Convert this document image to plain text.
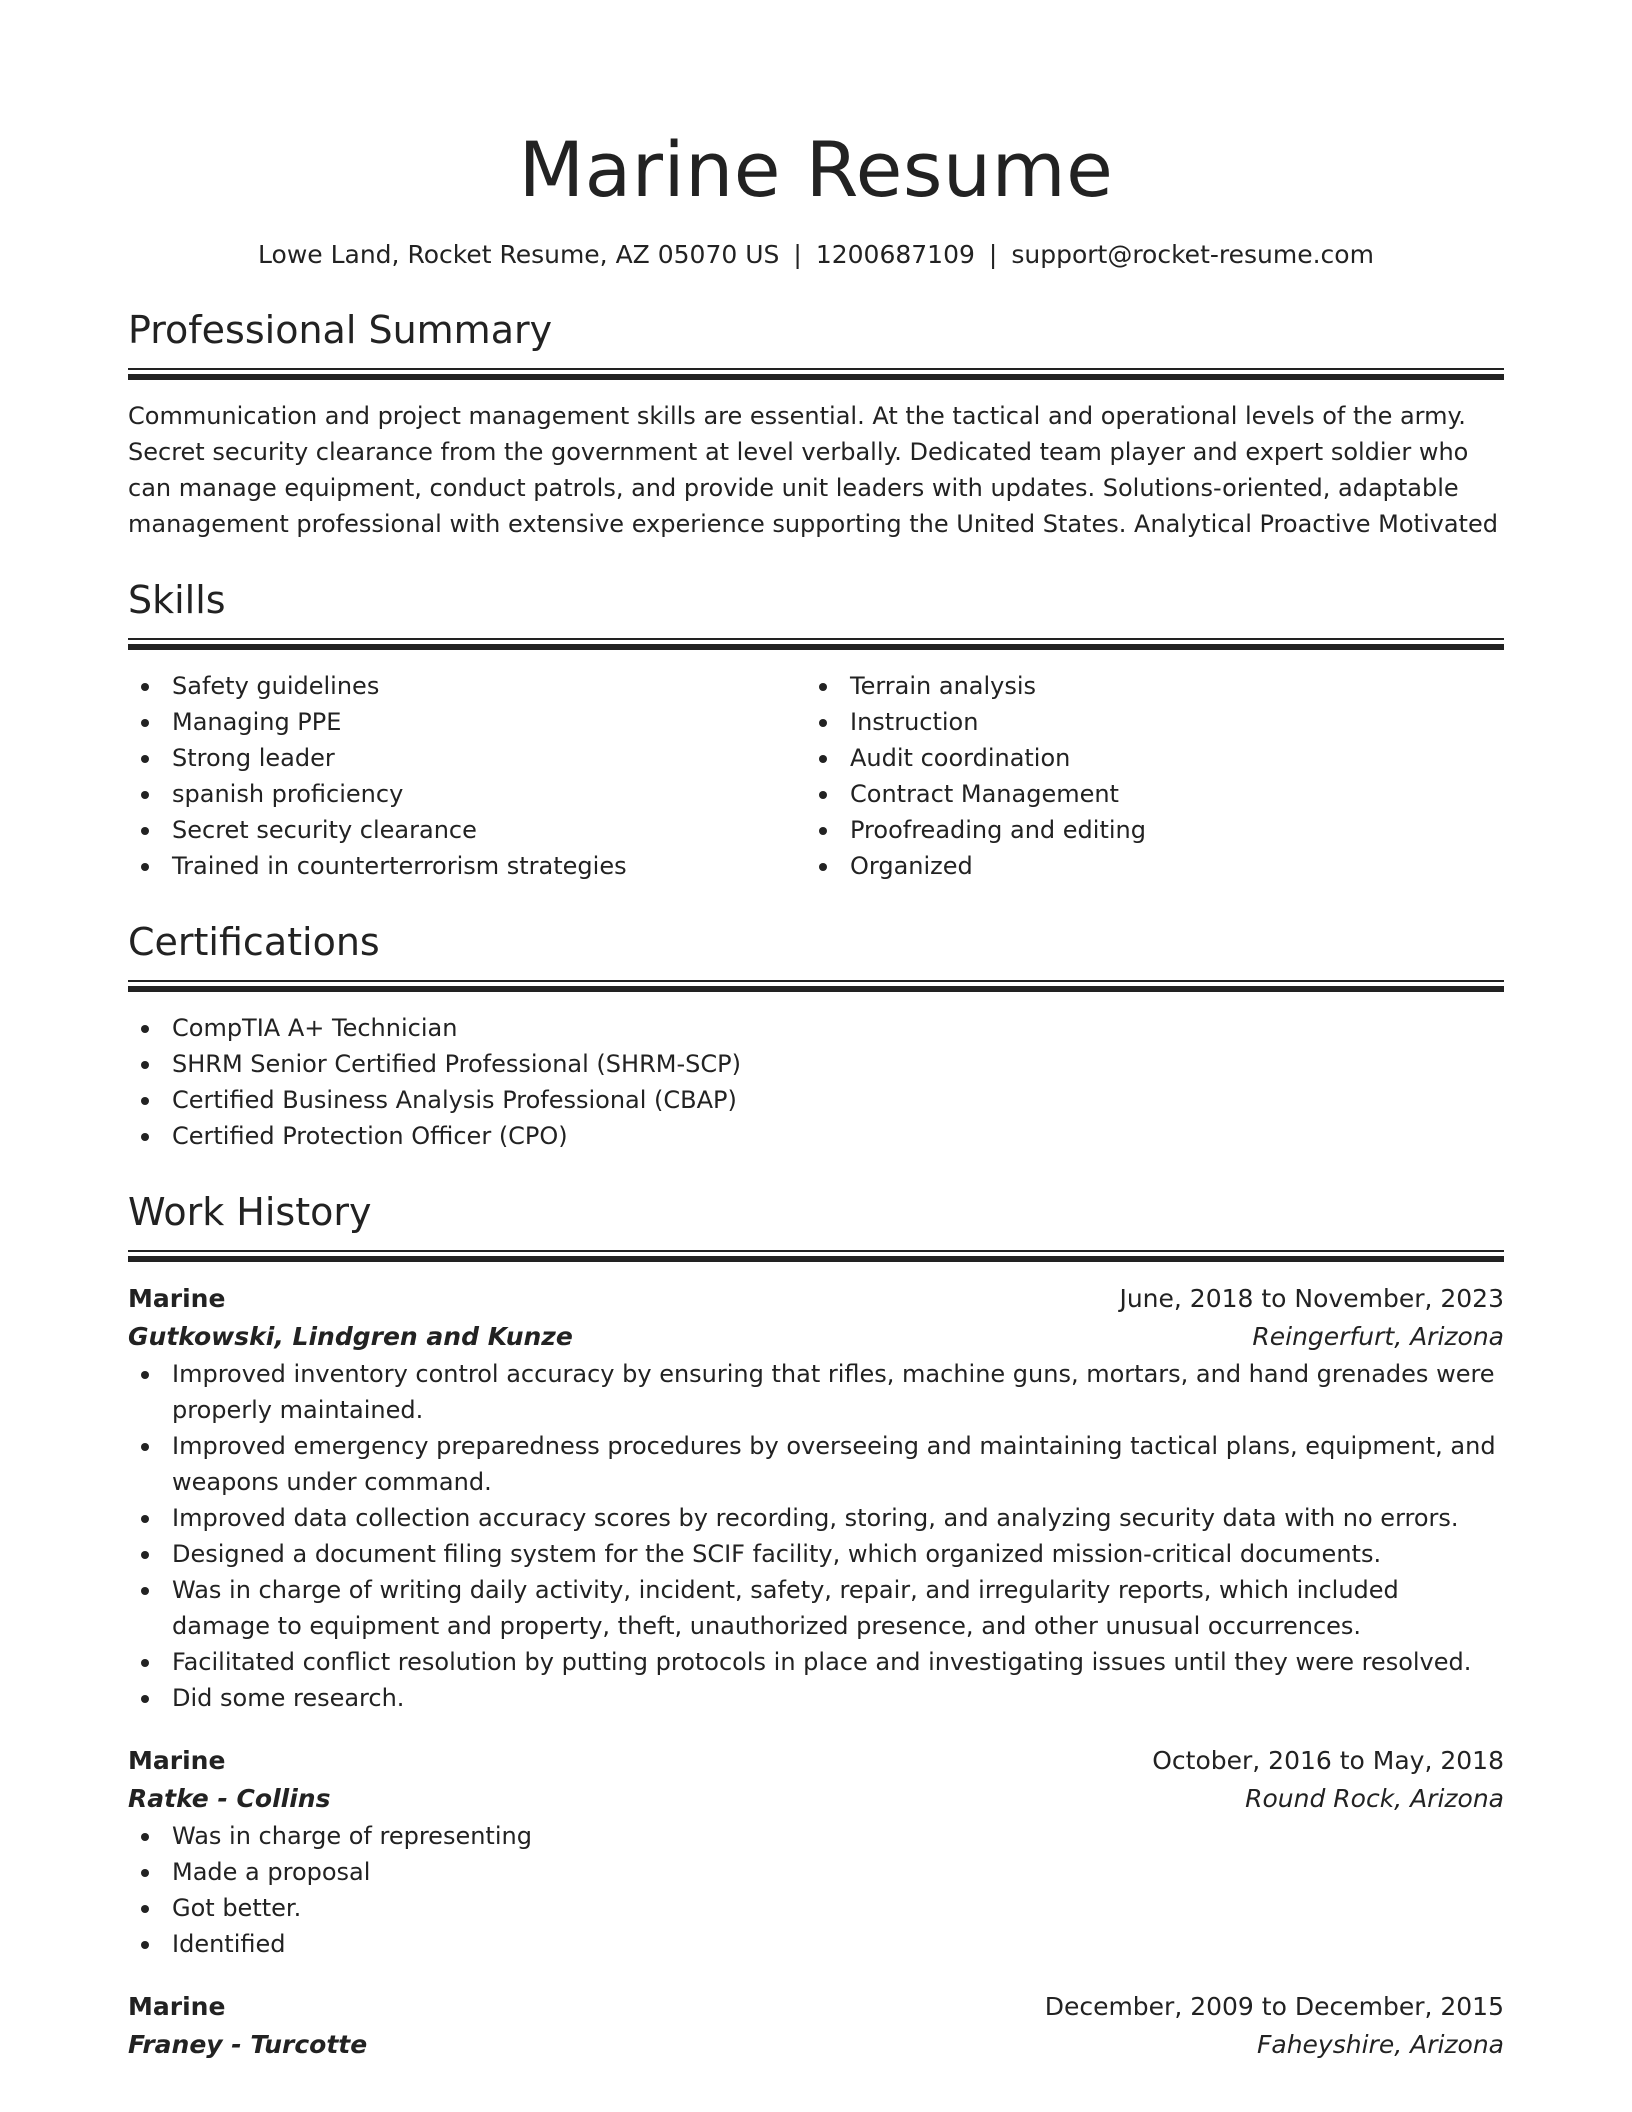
Marine Resume
Lowe Land, Rocket Resume, AZ 05070 US | 1200687109 | support@rocket-resume.com
Professional Summary

Communication and project management skills are essential. At the tactical and operational levels of the army. Secret security clearance from the government at level verbally. Dedicated team player and expert soldier who can manage equipment, conduct patrols, and provide unit leaders with updates. Solutions-oriented, adaptable management professional with extensive experience supporting the United States. Analytical Proactive Motivated

Skills
Safety guidelines
Managing PPE
Strong leader
spanish proficiency
Secret security clearance
Trained in counterterrorism strategies
Terrain analysis
Instruction
Audit coordination
Contract Management
Proofreading and editing
Organized
Certifications
CompTIA A+ Technician
SHRM Senior Certified Professional (SHRM-SCP)
Certified Business Analysis Professional (CBAP)
Certified Protection Officer (CPO)
Work History
Marine	June, 2018 to November, 2023
Gutkowski, Lindgren and Kunze	Reingerfurt, Arizona
Improved inventory control accuracy by ensuring that rifles, machine guns, mortars, and hand grenades were properly maintained.
Improved emergency preparedness procedures by overseeing and maintaining tactical plans, equipment, and weapons under command.
Improved data collection accuracy scores by recording, storing, and analyzing security data with no errors.
Designed a document filing system for the SCIF facility, which organized mission-critical documents.
Was in charge of writing daily activity, incident, safety, repair, and irregularity reports, which included damage to equipment and property, theft, unauthorized presence, and other unusual occurrences.
Facilitated conflict resolution by putting protocols in place and investigating issues until they were resolved.
Did some research.
Marine	October, 2016 to May, 2018
Ratke - Collins	Round Rock, Arizona
Was in charge of representing
Made a proposal
Got better.
Identified
Marine	December, 2009 to December, 2015
Franey - Turcotte	Faheyshire, Arizona
